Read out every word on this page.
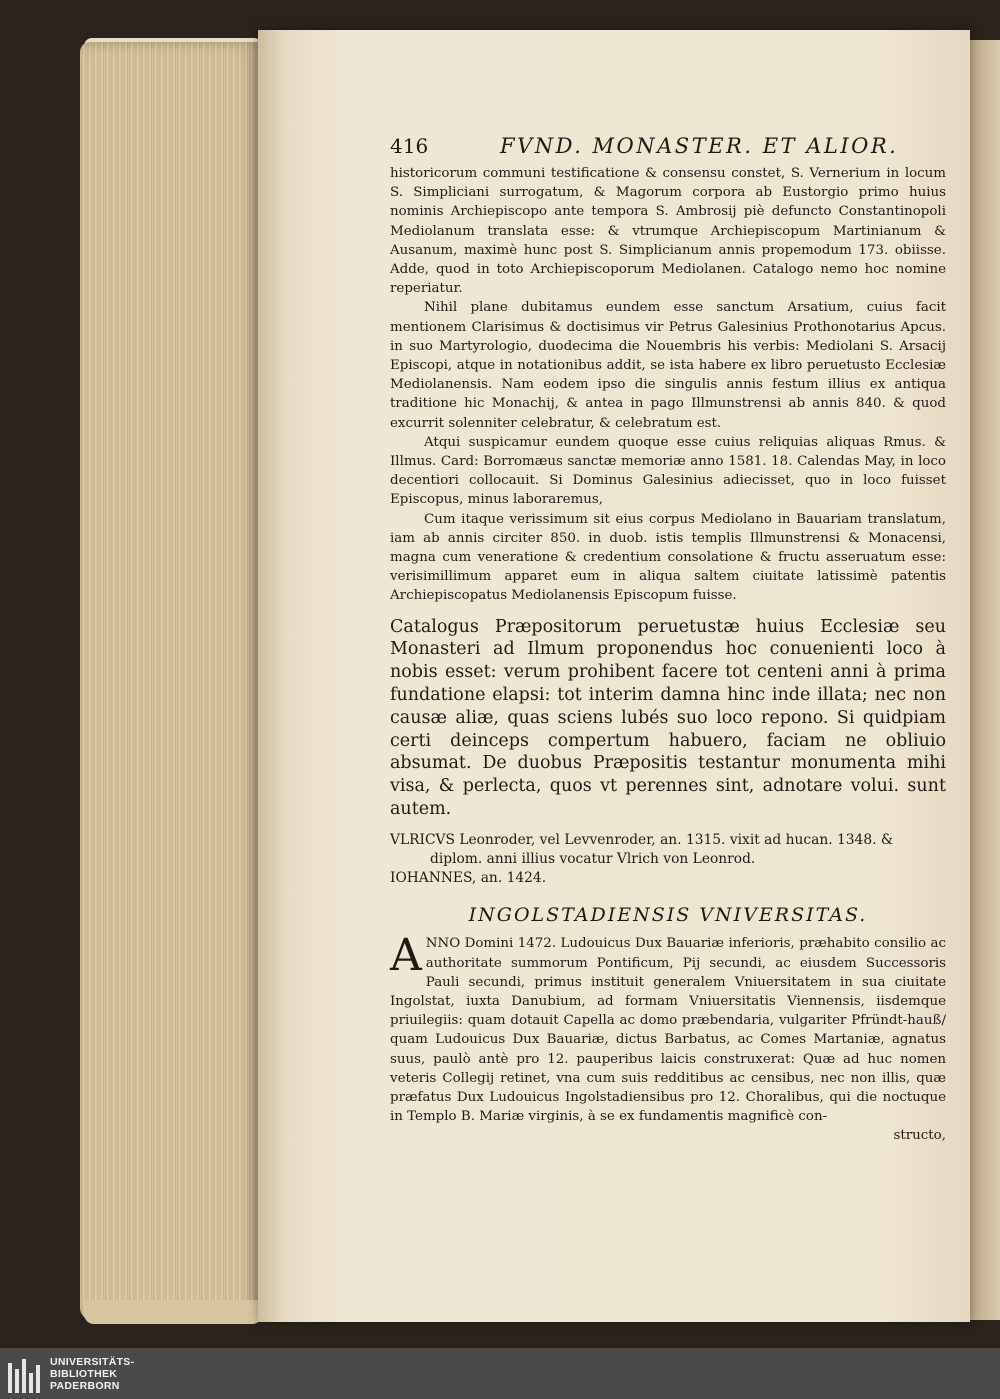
416	FVND. MONASTER. ET ALIOR.

historicorum communi testificatione & consensu constet, S. Vernerium in locum S. Simpliciani surrogatum, & Magorum corpora ab Eustorgio primo huius nominis Archiepiscopo ante tempora S. Ambrosij piè defuncto Constantinopoli Mediolanum translata esse: & vtrumque Archiepiscopum Martinianum & Ausanum, maximè hunc post S. Simplicianum annis propemodum 173. obiisse. Adde, quod in toto Archiepiscoporum Mediolanen. Catalogo nemo hoc nomine reperiatur.

Nihil plane dubitamus eundem esse sanctum Arsatium, cuius facit mentionem Clarisimus & doctisimus vir Petrus Galesinius Prothonotarius Apcus. in suo Martyrologio, duodecima die Nouembris his verbis: Mediolani S. Arsacij Episcopi, atque in notationibus addit, se ista habere ex libro peruetusto Ecclesiæ Mediolanensis. Nam eodem ipso die singulis annis festum illius ex antiqua traditione hic Monachij, & antea in pago Illmunstrensi ab annis 840. & quod excurrit solenniter celebratur, & celebratum est.

Atqui suspicamur eundem quoque esse cuius reliquias aliquas Rmus. & Illmus. Card: Borromæus sanctæ memoriæ anno 1581. 18. Calendas May, in loco decentiori collocauit. Si Dominus Galesinius adiecisset, quo in loco fuisset Episcopus, minus laboraremus,

Cum itaque verissimum sit eius corpus Mediolano in Bauariam translatum, iam ab annis circiter 850. in duob. istis templis Illmunstrensi & Monacensi, magna cum veneratione & credentium consolatione & fructu asseruatum esse: verisimillimum apparet eum in aliqua saltem ciuitate latissimè patentis Archiepiscopatus Mediolanensis Episcopum fuisse.

Catalogus Præpositorum peruetustæ huius Ecclesiæ seu Monasteri ad Ilmum proponendus hoc conuenienti loco à nobis esset: verum prohibent facere tot centeni anni à prima fundatione elapsi: tot interim damna hinc inde illata; nec non causæ aliæ, quas sciens lubés suo loco repono. Si quidpiam certi deinceps compertum habuero, faciam ne obliuio absumat. De duobus Præpositis testantur monumenta mihi visa, & perlecta, quos vt perennes sint, adnotare volui. sunt autem.

VLRICVS Leonroder, vel Levvenroder, an. 1315. vixit ad hucan. 1348. &

diplom. anni illius vocatur Vlrich von Leonrod.

IOHANNES, an. 1424.

INGOLSTADIENSIS VNIVERSITAS.

ANNO Domini 1472. Ludouicus Dux Bauariæ inferioris, præhabito consilio ac authoritate summorum Pontificum, Pij secundi, ac eiusdem Successoris Pauli secundi, primus instituit generalem Vniuersitatem in sua ciuitate Ingolstat, iuxta Danubium, ad formam Vniuersitatis Viennensis, iisdemque priuilegiis: quam dotauit Capella ac domo præbendaria, vulgariter Pfründt-hauß/ quam Ludouicus Dux Bauariæ, dictus Barbatus, ac Comes Martaniæ, agnatus suus, paulò antè pro 12. pauperibus laicis construxerat: Quæ ad huc nomen veteris Collegij retinet, vna cum suis redditibus ac censibus, nec non illis, quæ præfatus Dux Ludouicus Ingolstadiensibus pro 12. Choralibus, qui die noctuque in Templo B. Mariæ virginis, à se ex fundamentis magnificè con-

structo,

UNIVERSITÄTS-
BIBLIOTHEK
PADERBORN
